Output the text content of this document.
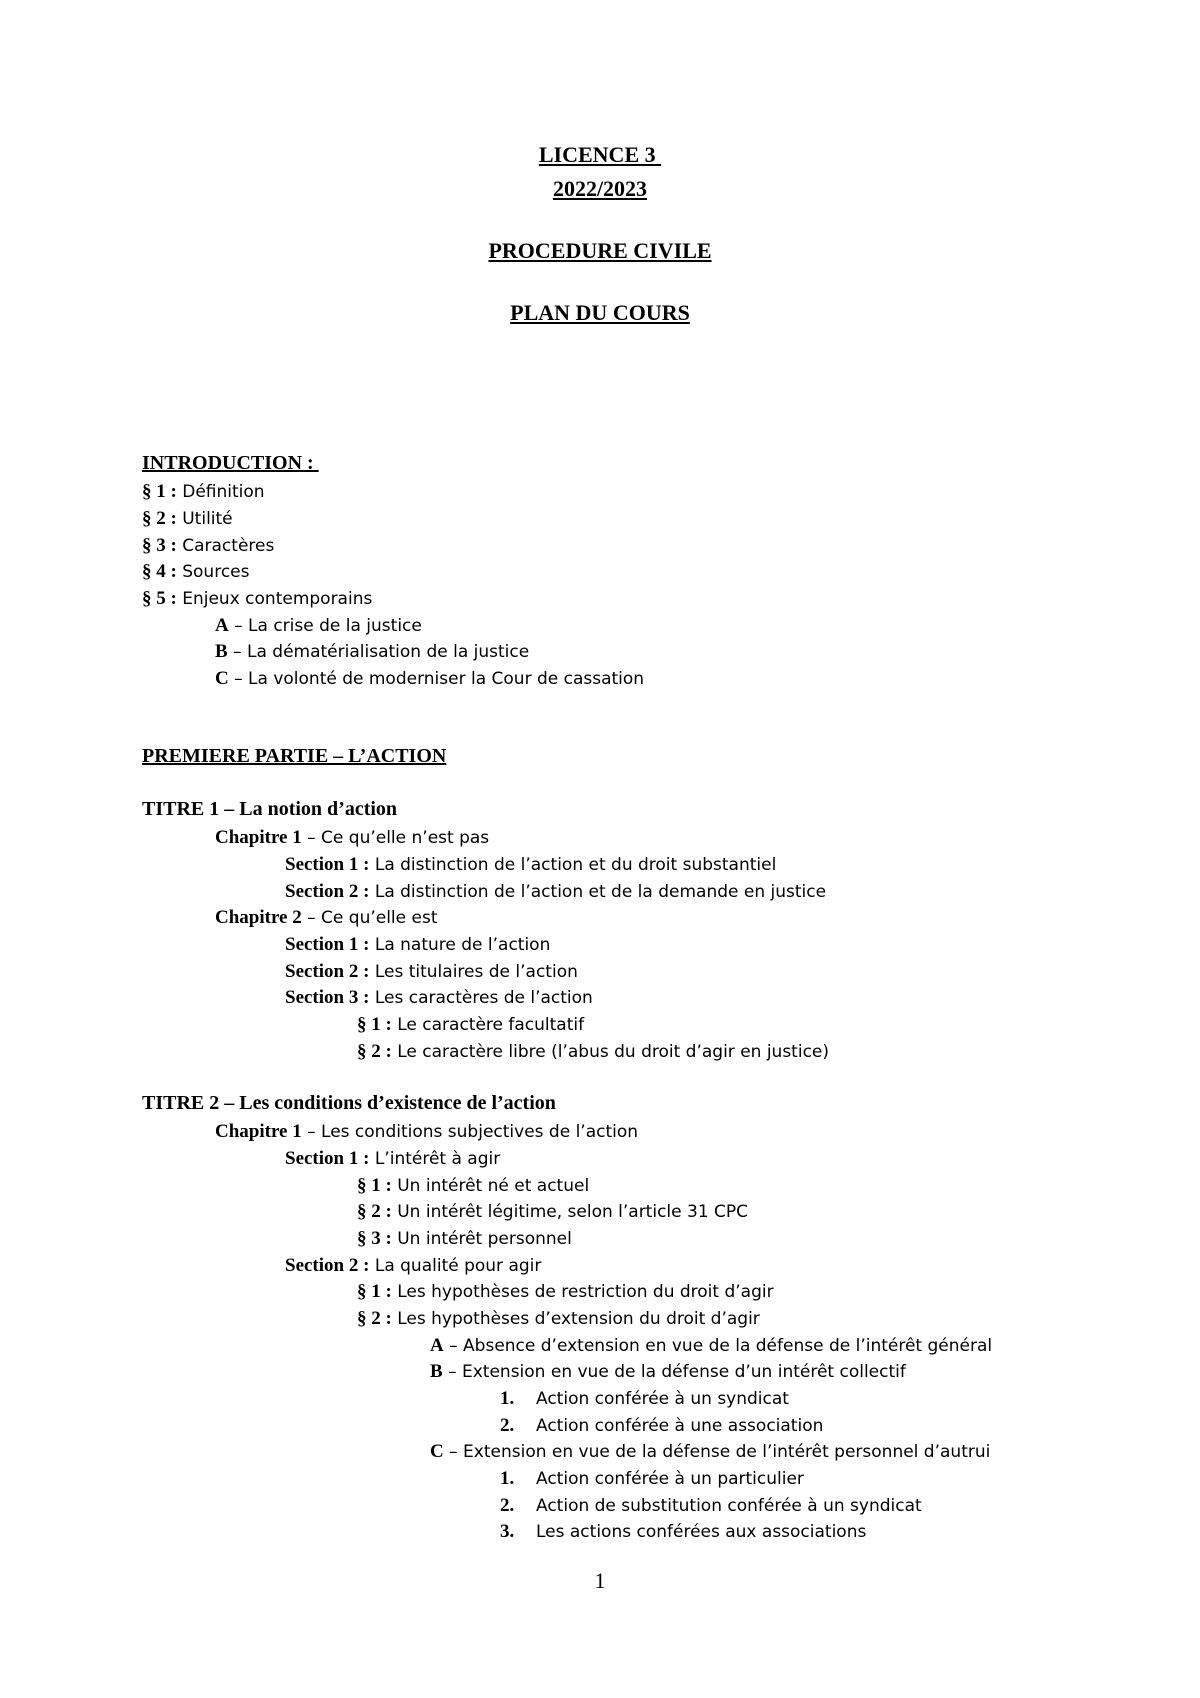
LICENCE 3
2022/2023
PROCEDURE CIVILE
PLAN DU COURS
INTRODUCTION :
§ 1 : Définition
§ 2 : Utilité
§ 3 : Caractères
§ 4 : Sources
§ 5 : Enjeux contemporains
A – La crise de la justice
B – La dématérialisation de la justice
C – La volonté de moderniser la Cour de cassation
PREMIERE PARTIE – L’ACTION
TITRE 1 – La notion d’action
Chapitre 1 – Ce qu’elle n’est pas
Section 1 : La distinction de l’action et du droit substantiel
Section 2 : La distinction de l’action et de la demande en justice
Chapitre 2 – Ce qu’elle est
Section 1 : La nature de l’action
Section 2 : Les titulaires de l’action
Section 3 : Les caractères de l’action
§ 1 : Le caractère facultatif
§ 2 : Le caractère libre (l’abus du droit d’agir en justice)
TITRE 2 – Les conditions d’existence de l’action
Chapitre 1 – Les conditions subjectives de l’action
Section 1 : L’intérêt à agir
§ 1 : Un intérêt né et actuel
§ 2 : Un intérêt légitime, selon l’article 31 CPC
§ 3 : Un intérêt personnel
Section 2 : La qualité pour agir
§ 1 : Les hypothèses de restriction du droit d’agir
§ 2 : Les hypothèses d’extension du droit d’agir
A – Absence d’extension en vue de la défense de l’intérêt général
B – Extension en vue de la défense d’un intérêt collectif
1. Action conférée à un syndicat
2. Action conférée à une association
C – Extension en vue de la défense de l’intérêt personnel d’autrui
1. Action conférée à un particulier
2. Action de substitution conférée à un syndicat
3. Les actions conférées aux associations
1
